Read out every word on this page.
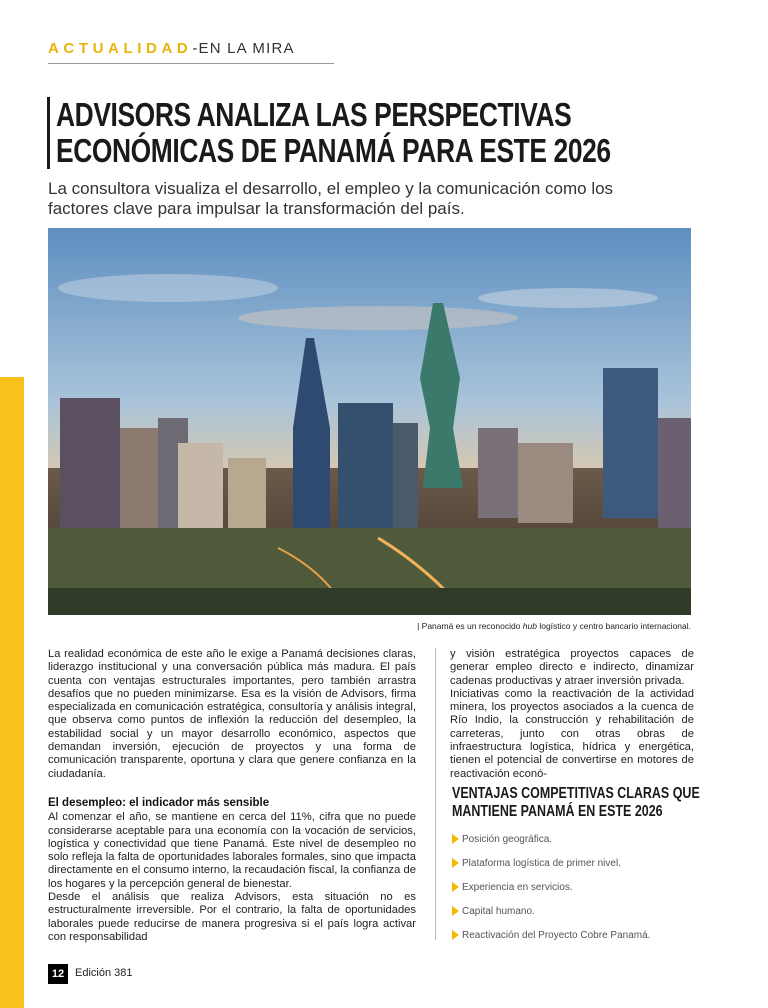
ACTUALIDAD-EN LA MIRA
ADVISORS ANALIZA LAS PERSPECTIVAS
ECONÓMICAS DE PANAMÁ PARA ESTE 2026
La consultora visualiza el desarrollo, el empleo y la comunicación como los factores clave para impulsar la transformación del país.
| Panamá es un reconocido hub logístico y centro bancario internacional.

La realidad económica de este año le exige a Panamá decisiones claras, liderazgo institucional y una conversación pública más madura. El país cuenta con ventajas estructurales importantes, pero también arrastra desafíos que no pueden minimizarse. Esa es la visión de Advisors, firma especializada en comunicación estratégica, consultoría y análisis integral, que observa como puntos de inflexión la reducción del desempleo, la estabilidad social y un mayor desarrollo económico, aspectos que demandan inversión, ejecución de proyectos y una forma de comunicación transparente, oportuna y clara que genere confianza en la ciudadanía.

El desempleo: el indicador más sensible

Al comenzar el año, se mantiene en cerca del 11%, cifra que no puede considerarse aceptable para una economía con la vocación de servicios, logística y conectividad que tiene Panamá. Este nivel de desempleo no solo refleja la falta de oportunidades laborales formales, sino que impacta directamente en el consumo interno, la recaudación fiscal, la confianza de los hogares y la percepción general de bienestar.

Desde el análisis que realiza Advisors, esta situación no es estructuralmente irreversible. Por el contrario, la falta de oportunidades laborales puede reducirse de manera progresiva si el país logra activar con responsabilidad

y visión estratégica proyectos capaces de generar empleo directo e indirecto, dinamizar cadenas productivas y atraer inversión privada.

Iniciativas como la reactivación de la actividad minera, los proyectos asociados a la cuenca de Río Indio, la construcción y rehabilitación de carreteras, junto con otras obras de infraestructura logística, hídrica y energética, tienen el potencial de convertirse en motores de reactivación econó-

VENTAJAS COMPETITIVAS CLARAS QUE
MANTIENE PANAMÁ EN ESTE 2026
Posición geográfica.
Plataforma logística de primer nivel.
Experiencia en servicios.
Capital humano.
Reactivación del Proyecto Cobre Panamá.
12 Edición 381
